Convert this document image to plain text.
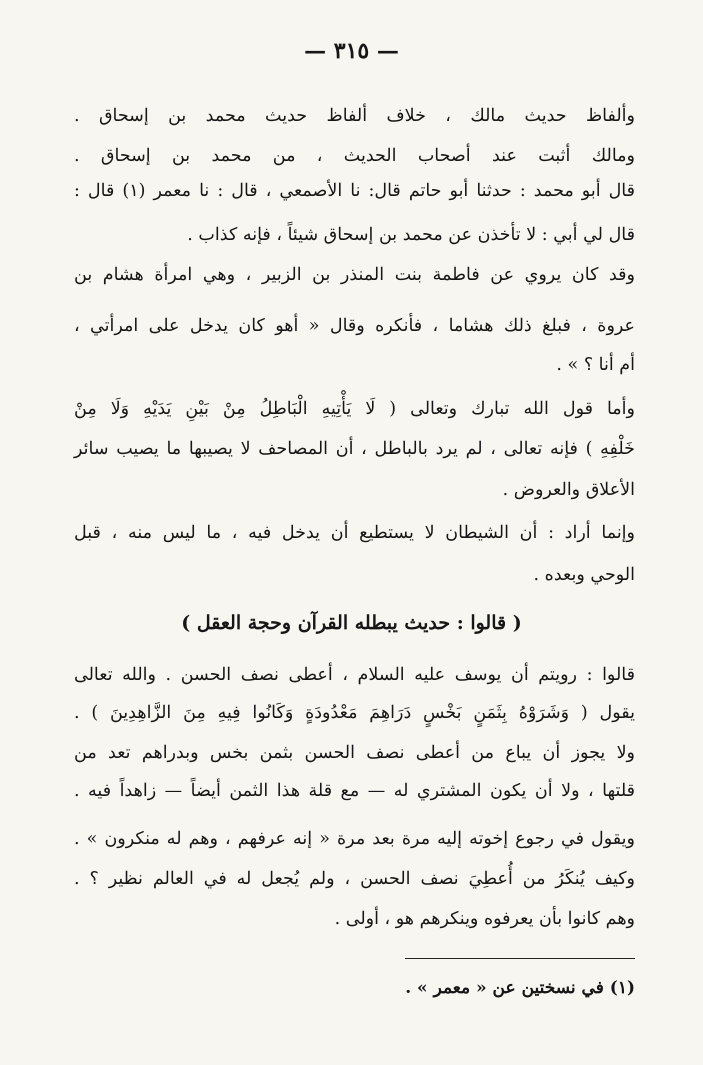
— ٣١٥ —
وألفاظ حديث مالك ، خلاف ألفاظ حديث محمد بن إسحاق .
ومالك أثبت عند أصحاب الحديث ، من محمد بن إسحاق .
قال أبو محمد : حدثنا أبو حاتم قال: نا الأصمعي ، قال : نا معمر (١) قال :
قال لي أبي : لا تأخذن عن محمد بن إسحاق شيئاً ، فإنه كذاب .
وقد كان يروي عن فاطمة بنت المنذر بن الزبير ، وهي امرأة هشام بن
عروة ، فبلغ ذلك هشاما ، فأنكره وقال « أهو كان يدخل على امرأتي ،
أم أنا ؟ » .
وأما قول الله تبارك وتعالى ( لَا يَأْتِيهِ الْبَاطِلُ مِنْ بَيْنِ يَدَيْهِ وَلَا مِنْ
خَلْفِهِ ) فإنه تعالى ، لم يرد بالباطل ، أن المصاحف لا يصيبها ما يصيب سائر
الأعلاق والعروض .
وإنما أراد : أن الشيطان لا يستطيع أن يدخل فيه ، ما ليس منه ، قبل
الوحي وبعده .
( قالوا : حديث يبطله القرآن وحجة العقل )
قالوا : رويتم أن يوسف عليه السلام ، أعطى نصف الحسن . والله تعالى
يقول ( وَشَرَوْهُ بِثَمَنٍ بَخْسٍ دَرَاهِمَ مَعْدُودَةٍ وَكَانُوا فِيهِ مِنَ الزَّاهِدِينَ ) .
ولا يجوز أن يباع من أعطى نصف الحسن بثمن بخس وبدراهم تعد من
قلتها ، ولا أن يكون المشتري له — مع قلة هذا الثمن أيضاً — زاهداً فيه .
ويقول في رجوع إخوته إليه مرة بعد مرة « إنه عرفهم ، وهم له منكرون » .
وكيف يُنكَرُ من أُعطِيَ نصف الحسن ، ولم يُجعل له في العالم نظير ؟ .
وهم كانوا بأن يعرفوه وينكرهم هو ، أولى .
(١) في نسختين عن « معمر » .
